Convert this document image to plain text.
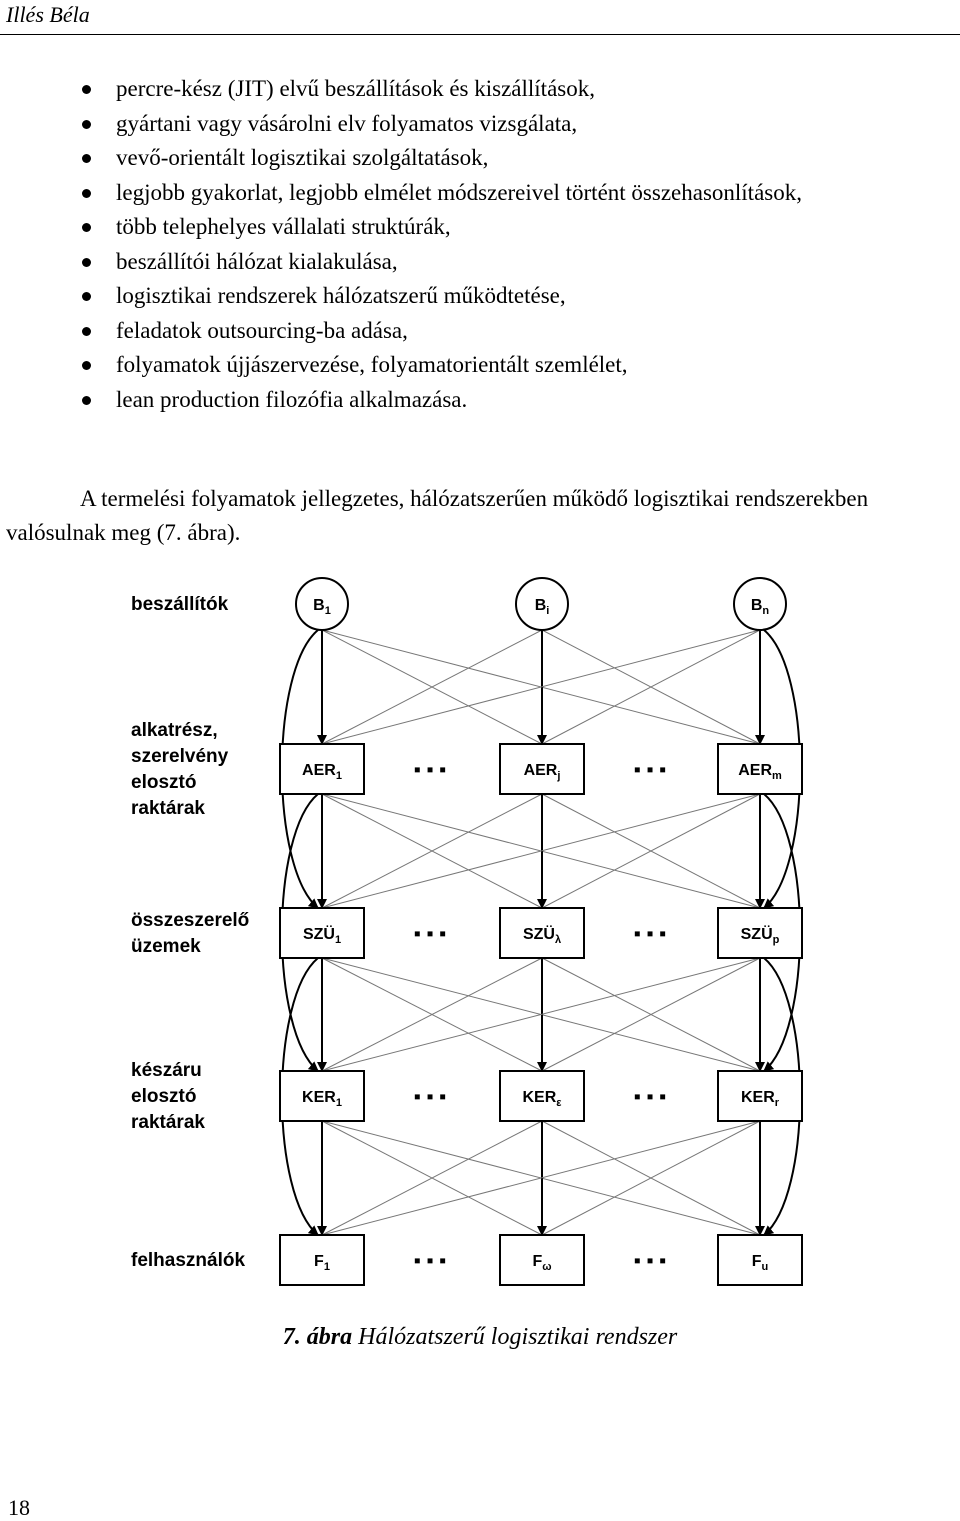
Illés Béla
percre-kész (JIT) elvű beszállítások és kiszállítások,
gyártani vagy vásárolni elv folyamatos vizsgálata,
vevő-orientált logisztikai szolgáltatások,
legjobb gyakorlat, legjobb elmélet módszereivel történt összehasonlítások,
több telephelyes vállalati struktúrák,
beszállítói hálózat kialakulása,
logisztikai rendszerek hálózatszerű működtetése,
feladatok outsourcing-ba adása,
folyamatok újjászervezése, folyamatorientált szemlélet,
lean production filozófia alkalmazása.

A termelési folyamatok jellegzetes, hálózatszerűen működő logisztikai rendszerekben valósulnak meg (7. ábra).

$B_1$	$B_i$	$B_n$
$AER_1$	$AER_j$	$AER_m$
▪ ▪ ▪	▪ ▪ ▪
$SZÜ_1$	$SZÜ_\lambda$	$SZÜ_p$
▪ ▪ ▪	▪ ▪ ▪
$KER_1$	$KER_\varepsilon$	$KER_r$
▪ ▪ ▪	▪ ▪ ▪
$F_1$	$F_\omega$	$F_u$
▪ ▪ ▪	▪ ▪ ▪
beszállítók
alkatrész, szerelvény elosztó raktárak
összeszerelő üzemek
készáru elosztó raktárak
felhasználók
7. ábra Hálózatszerű logisztikai rendszer
18
